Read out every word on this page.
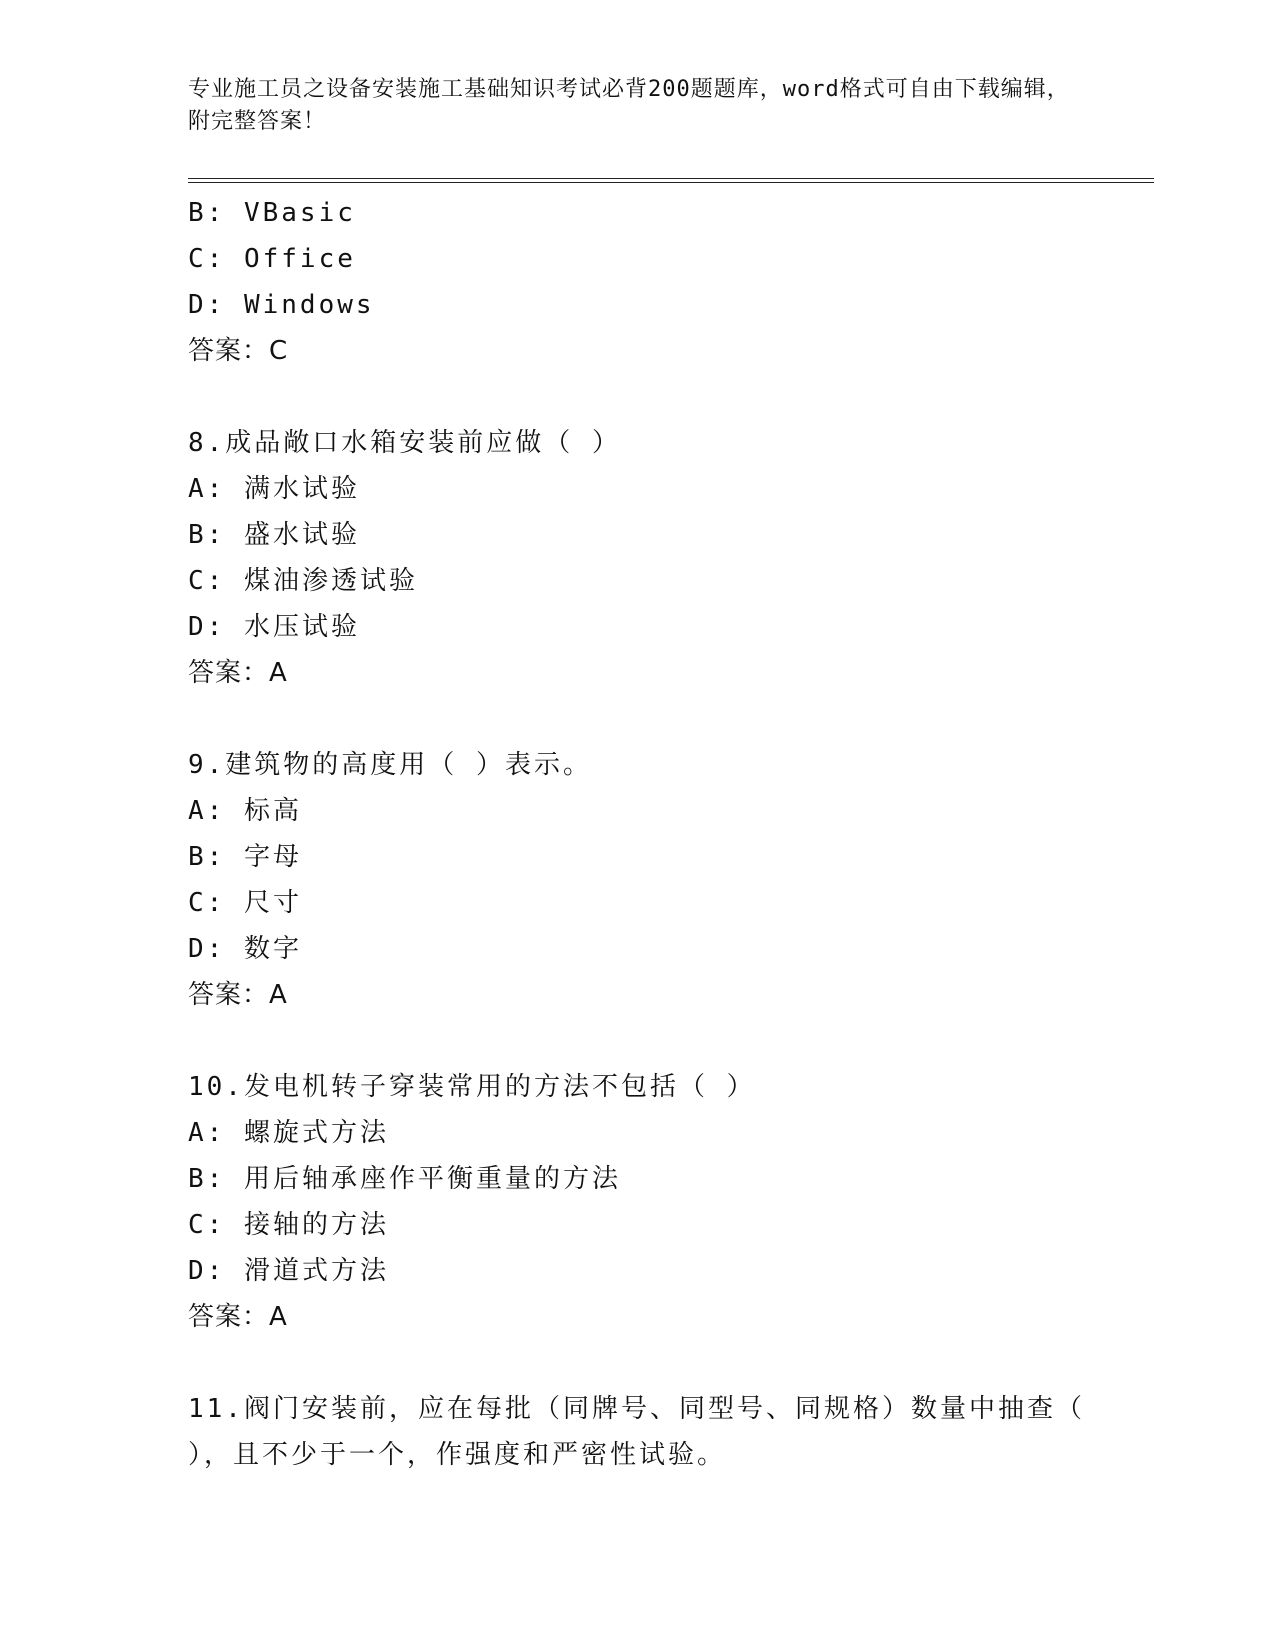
专业施工员之设备安装施工基础知识考试必背200题题库，word格式可自由下载编辑，附完整答案！
B: VBasic
C: Office
D: Windows
答案：C
8.成品敞口水箱安装前应做（ ）
A: 满水试验
B: 盛水试验
C: 煤油渗透试验
D: 水压试验
答案：A
9.建筑物的高度用（ ）表示。
A: 标高
B: 字母
C: 尺寸
D: 数字
答案：A
10.发电机转子穿装常用的方法不包括（ ）
A: 螺旋式方法
B: 用后轴承座作平衡重量的方法
C: 接轴的方法
D: 滑道式方法
答案：A
11.阀门安装前，应在每批（同牌号、同型号、同规格）数量中抽查（ ），且不少于一个，作强度和严密性试验。
